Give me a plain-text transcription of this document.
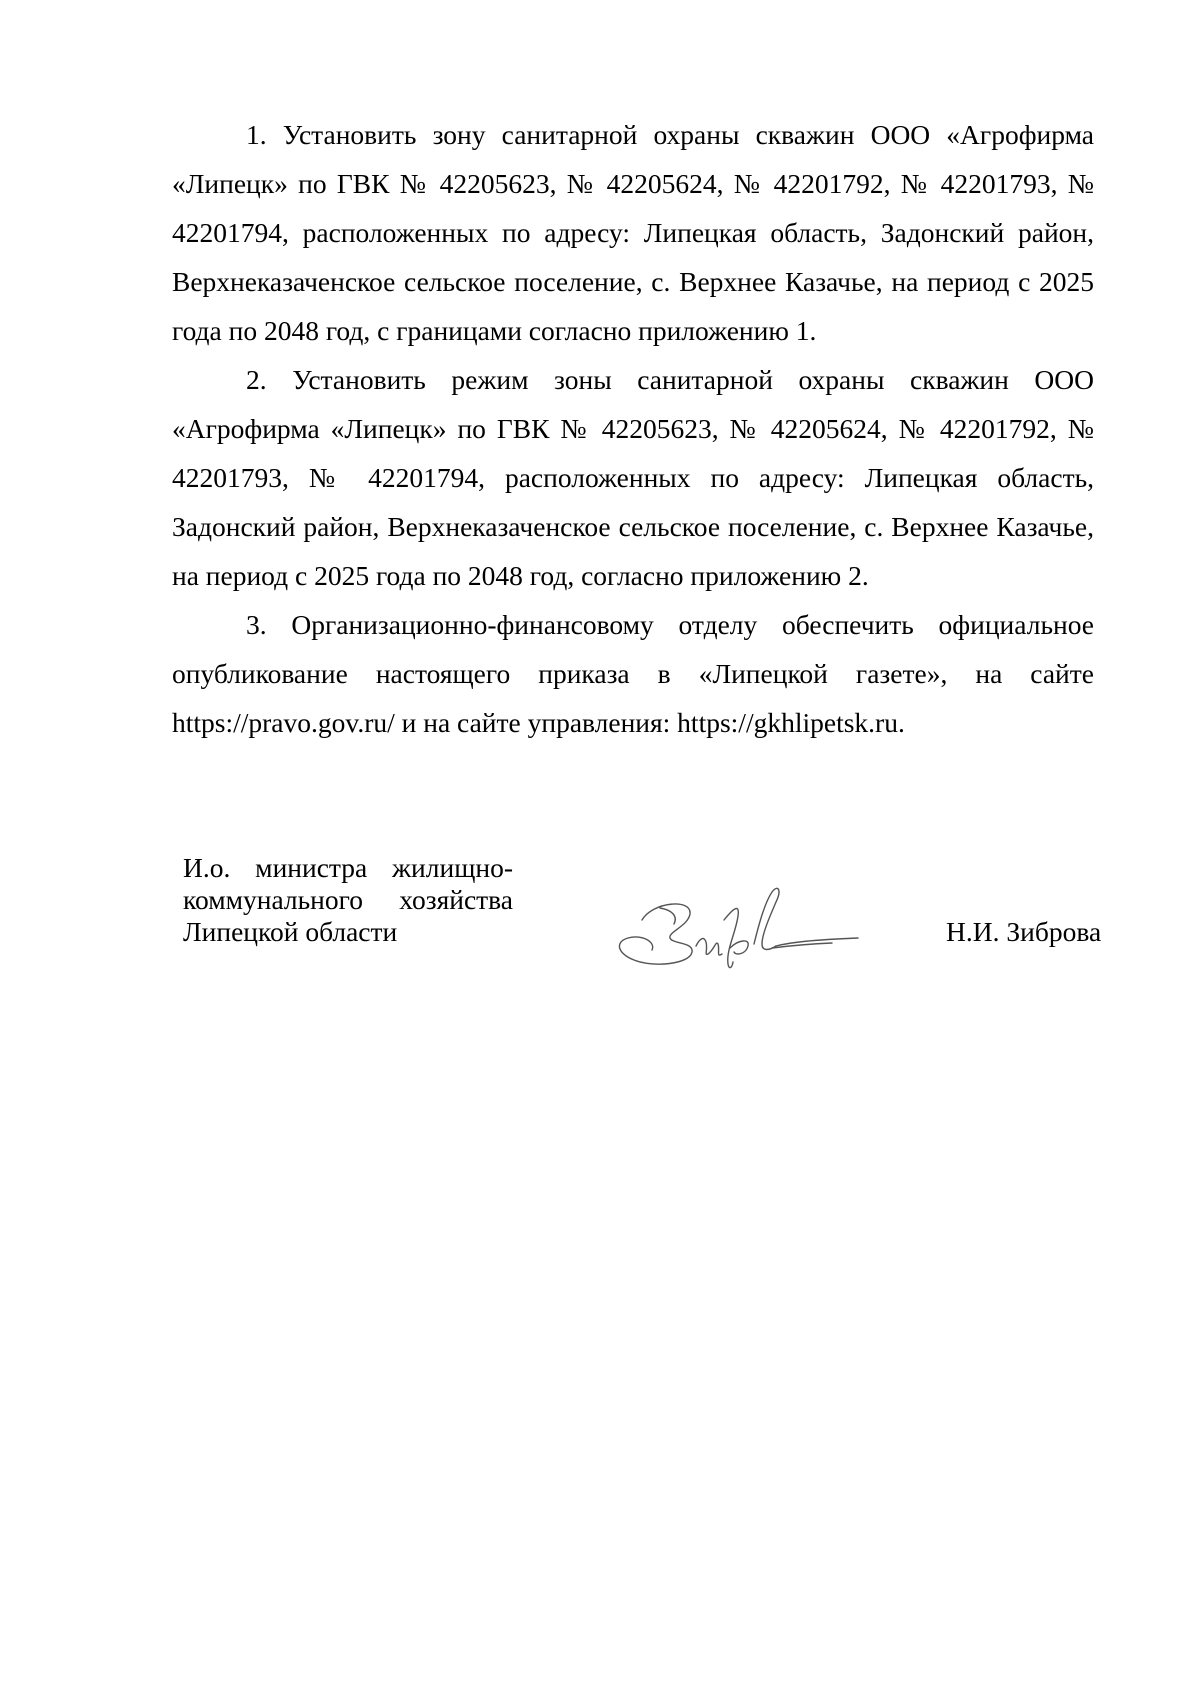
1. Установить зону санитарной охраны скважин ООО «Агрофирма «Липецк» по ГВК № 42205623, № 42205624, № 42201792, № 42201793, № 42201794, расположенных по адресу: Липецкая область, Задонский район, Верхнеказаченское сельское поселение, с. Верхнее Казачье, на период с 2025 года по 2048 год, с границами согласно приложению 1.

2. Установить режим зоны санитарной охраны скважин ООО «Агрофирма «Липецк» по ГВК № 42205623, № 42205624, № 42201792, № 42201793, № 42201794, расположенных по адресу: Липецкая область, Задонский район, Верхнеказаченское сельское поселение, с. Верхнее Казачье, на период с 2025 года по 2048 год, согласно приложению 2.

3. Организационно-финансовому отделу обеспечить официальное опубликование настоящего приказа в «Липецкой газете», на сайте https://pravo.gov.ru/ и на сайте управления: https://gkhlipetsk.ru.

И.о. министра жилищно-
коммунального хозяйства
Липецкой области	Н.И. Зиброва
